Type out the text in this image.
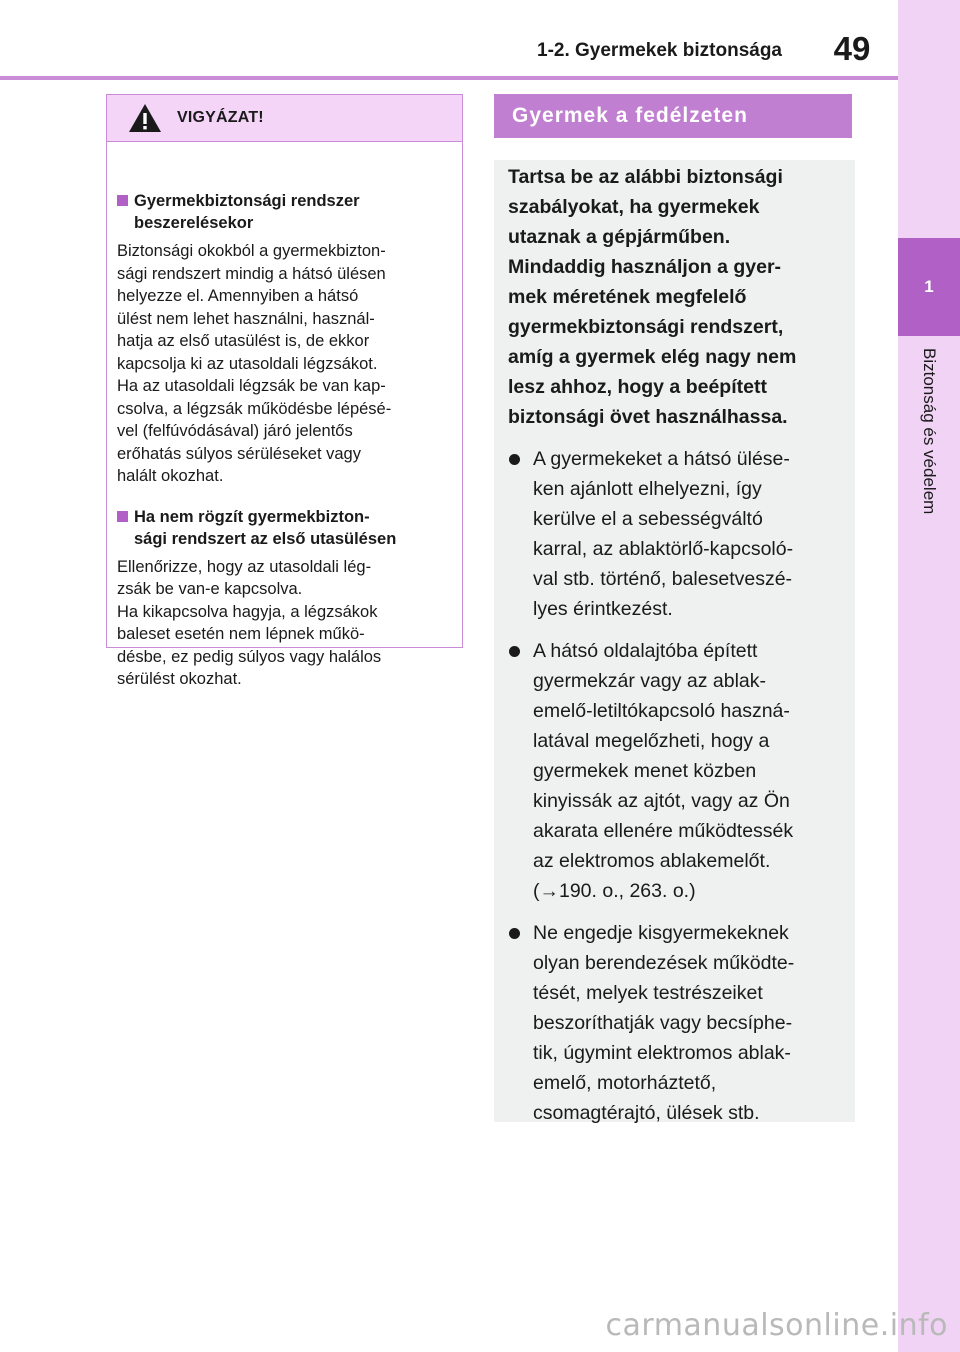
1-2. Gyermekek biztonsága	49
1
Biztonság és védelem
VIGYÁZAT!
Gyermekbiztonsági rendszer
beszerelésekor

Biztonsági okokból a gyermekbizton-
sági rendszert mindig a hátsó ülésen
helyezze el. Amennyiben a hátsó
ülést nem lehet használni, használ-
hatja az első utasülést is, de ekkor
kapcsolja ki az utasoldali légzsákot.
Ha az utasoldali légzsák be van kap-
csolva, a légzsák működésbe lépésé-
vel (felfúvódásával) járó jelentős
erőhatás súlyos sérüléseket vagy
halált okozhat.

Ha nem rögzít gyermekbizton-
sági rendszert az első utasülésen

Ellenőrizze, hogy az utasoldali lég-
zsák be van-e kapcsolva.
Ha kikapcsolva hagyja, a légzsákok
baleset esetén nem lépnek műkö-
désbe, ez pedig súlyos vagy halálos
sérülést okozhat.

Gyermek a fedélzeten

Tartsa be az alábbi biztonsági
szabályokat, ha gyermekek
utaznak a gépjárműben.
Mindaddig használjon a gyer-
mek méretének megfelelő
gyermekbiztonsági rendszert,
amíg a gyermek elég nagy nem
lesz ahhoz, hogy a beépített
biztonsági övet használhassa.

A gyermekeket a hátsó ülése-
ken ajánlott elhelyezni, így
kerülve el a sebességváltó
karral, az ablaktörlő-kapcsoló-
val stb. történő, balesetveszé-
lyes érintkezést.

A hátsó oldalajtóba épített
gyermekzár vagy az ablak-
emelő-letiltókapcsoló haszná-
latával megelőzheti, hogy a
gyermekek menet közben
kinyissák az ajtót, vagy az Ön
akarata ellenére működtessék
az elektromos ablakemelőt.
(→190. o., 263. o.)

Ne engedje kisgyermekeknek
olyan berendezések működte-
tését, melyek testrészeiket
beszoríthatják vagy becsíphe-
tik, úgymint elektromos ablak-
emelő, motorháztető,
csomagtérajtó, ülések stb.

carmanualsonline.info
